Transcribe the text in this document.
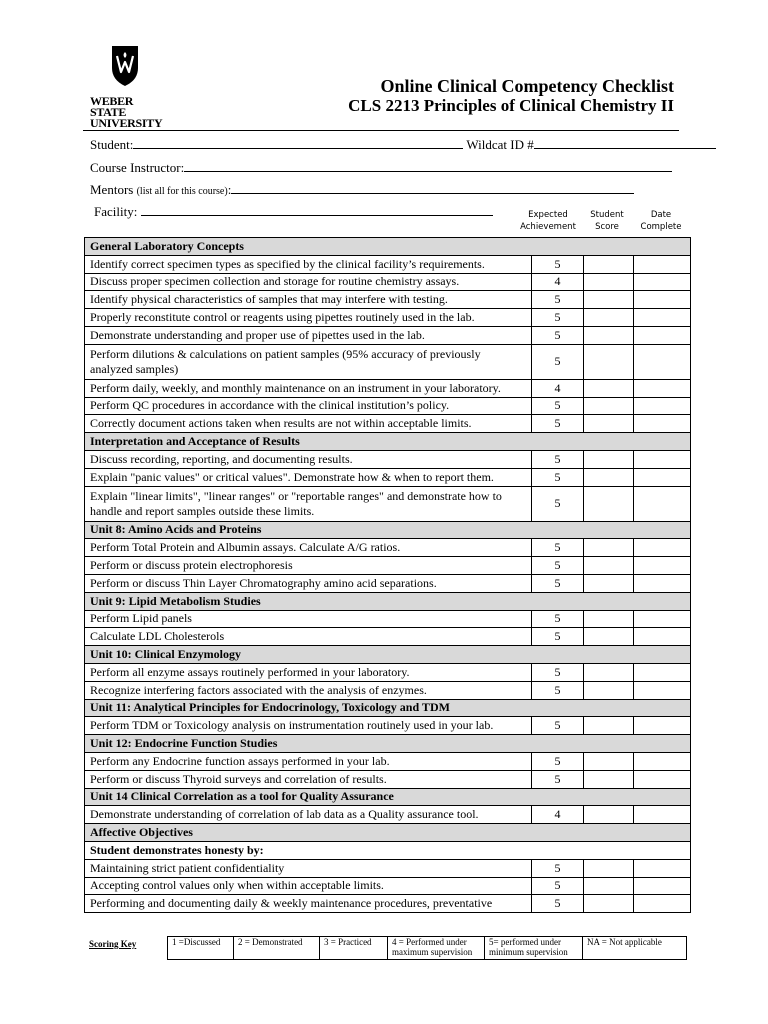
WEBER STATE
UNIVERSITY
Online Clinical Competency Checklist
CLS 2213 Principles of Clinical Chemistry II
Student:	Wildcat ID #
Course Instructor:
Mentors (list all for this course):
Facility:	Expected
Achievement
Student
Score
Date
Complete
General Laboratory Concepts			
Identify correct specimen types as specified by the clinical facility’s requirements.	5		
Discuss proper specimen collection and storage for routine chemistry assays.	4		
Identify physical characteristics of samples that may interfere with testing.	5		
Properly reconstitute control or reagents using pipettes routinely used in the lab.	5		
Demonstrate understanding and proper use of pipettes used in the lab.	5		
Perform dilutions & calculations on patient samples (95% accuracy of previously analyzed samples)	5		
Perform daily, weekly, and monthly maintenance on an instrument in your laboratory.	4		
Perform QC procedures in accordance with the clinical institution’s policy.	5		
Correctly document actions taken when results are not within acceptable limits.	5		
Interpretation and Acceptance of Results			
Discuss recording, reporting, and documenting results.	5		
Explain "panic values" or critical values". Demonstrate how & when to report them.	5		
Explain "linear limits", "linear ranges" or "reportable ranges" and demonstrate how to handle and report samples outside these limits.	5		
Unit 8: Amino Acids and Proteins			
Perform Total Protein and Albumin assays. Calculate A/G ratios.	5		
Perform or discuss protein electrophoresis	5		
Perform or discuss Thin Layer Chromatography amino acid separations.	5		
Unit 9: Lipid Metabolism Studies			
Perform Lipid panels	5		
Calculate LDL Cholesterols	5		
Unit 10: Clinical Enzymology			
Perform all enzyme assays routinely performed in your laboratory.	5		
Recognize interfering factors associated with the analysis of enzymes.	5		
Unit 11: Analytical Principles for Endocrinology, Toxicology and TDM			
Perform TDM or Toxicology analysis on instrumentation routinely used in your lab.	5		
Unit 12: Endocrine Function Studies			
Perform any Endocrine function assays performed in your lab.	5		
Perform or discuss Thyroid surveys and correlation of results.	5		
Unit 14 Clinical Correlation as a tool for Quality Assurance			
Demonstrate understanding of correlation of lab data as a Quality assurance tool.	4		
Affective Objectives			
Student demonstrates honesty by:			
Maintaining strict patient confidentiality	5		
Accepting control values only when within acceptable limits.	5		
Performing and documenting daily & weekly maintenance procedures, preventative	5		
Scoring Key	1 =Discussed	2 = Demonstrated	3 = Practiced	4 = Performed under maximum supervision	5= performed under minimum supervision	NA = Not applicable
